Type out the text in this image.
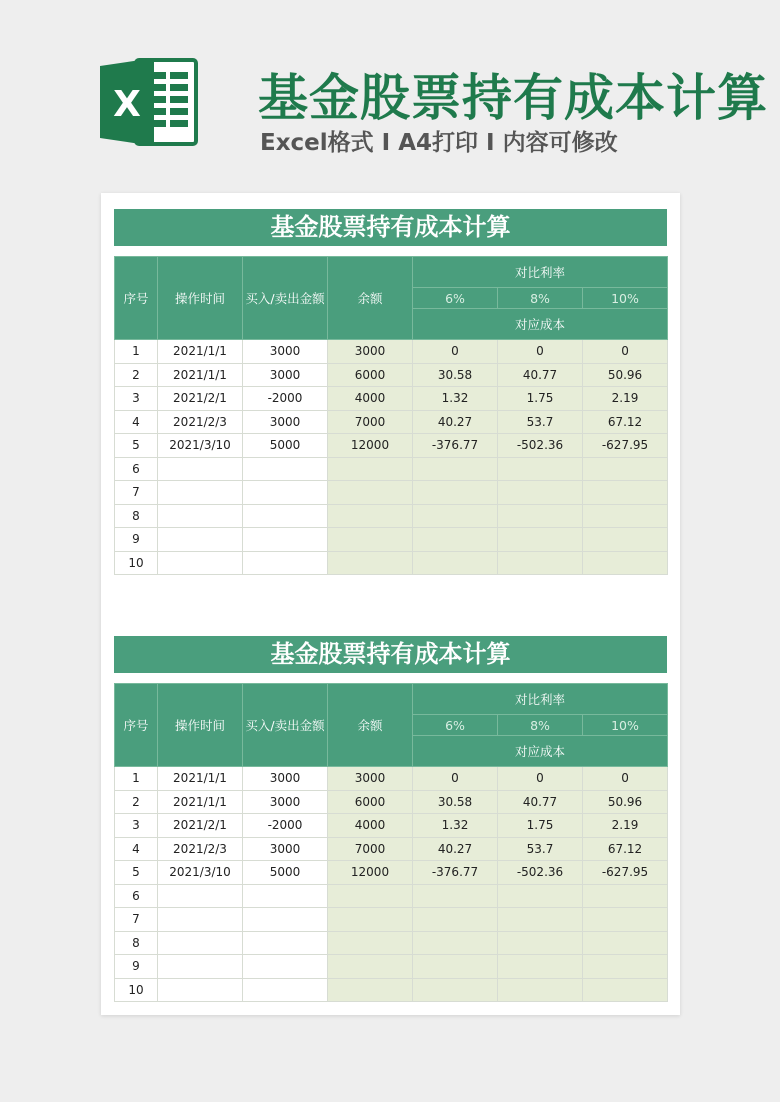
X 基金股票持有成本计算
Excel格式 I A4打印 I 内容可修改
基金股票持有成本计算
序号	操作时间	买入/卖出金额	余额	对比利率		
				6%	8%	10%
				对应成本		
1	2021/1/1	3000	3000	0	0	0
2	2021/1/1	3000	6000	30.58	40.77	50.96
3	2021/2/1	-2000	4000	1.32	1.75	2.19
4	2021/2/3	3000	7000	40.27	53.7	67.12
5	2021/3/10	5000	12000	-376.77	-502.36	-627.95
6						
7						
8						
9						
10						
基金股票持有成本计算
序号	操作时间	买入/卖出金额	余额	对比利率		
				6%	8%	10%
				对应成本		
1	2021/1/1	3000	3000	0	0	0
2	2021/1/1	3000	6000	30.58	40.77	50.96
3	2021/2/1	-2000	4000	1.32	1.75	2.19
4	2021/2/3	3000	7000	40.27	53.7	67.12
5	2021/3/10	5000	12000	-376.77	-502.36	-627.95
6						
7						
8						
9						
10						
